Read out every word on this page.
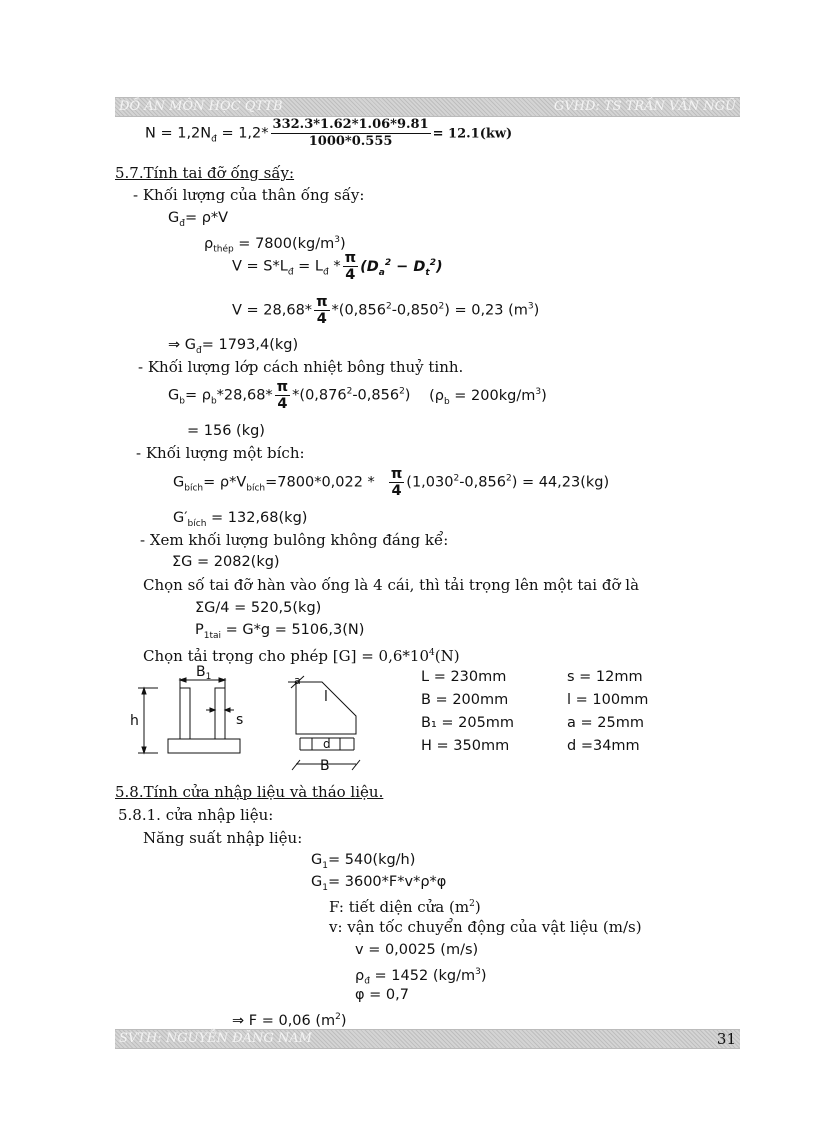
ĐỒ ÁN MÔN HỌC QTTB	GVHD: TS TRẦN VĂN NGŨ
$N = 1,2N_đ = 1,2* \frac{332.3*1.62*1.06*9.81}{1000*0.555} = 12.1(kw)$
5.7.Tính tai đỡ ống sấy:
- Khối lượng của thân ống sấy:
$G_đ= \rho*V$
$\rho_{thép} = 7800(kg/m^3)$
$V = S*L_đ = L_đ * \frac{\pi}{4} (D_a^2 - D_t^2)$
$V = 28,68* \frac{\pi}{4} *(0,856^2-0,850^2) = 0,23$ $(m^3)$
⇒ $G_đ= 1793,4(kg)$
- Khối lượng lớp cách nhiệt bông thuỷ tinh.
$G_b= \rho_b*28,68* \frac{\pi}{4} *(0,876^2-0,856^2) (\rho_b = 200kg/m^3)$
= 156 (kg)
- Khối lượng một bích:
$G_{bích}= \rho*V_{bích}=7800*0,022 * \frac{\pi}{4} (1,030^2-0,856^2) = 44,23(kg)$
$G'_{bích} = 132,68(kg)$
- Xem khối lượng bulông không đáng kể:
ΣG = 2082(kg)
Chọn số tai đỡ hàn vào ống là 4 cái, thì tải trọng lên một tai đỡ là
ΣG/4 = 520,5(kg)
$P_{1tai} = G*g = 5106,3(N)$
Chọn tải trọng cho phép $[G] = 0,6*10^4(N)$
$B_1$
h	s
l
a
d
B
L = 230mm	s = 12mm
B = 200mm	l = 100mm
B₁ = 205mm	a = 25mm
H = 350mm	d =34mm
5.8.Tính cửa nhập liệu và tháo liệu.
5.8.1. cửa nhập liệu:
Năng suất nhập liệu:
$G_1= 540(kg/h)$
$G_1= 3600*F*v*\rho*\varphi$
F: tiết diện cửa $(m^2)$
v: vận tốc chuyển động của vật liệu (m/s)
v = 0,0025 (m/s)
$\rho_đ = 1452$ $(kg/m^3)$
φ = 0,7
⇒ F = 0,06 $(m^2)$
SVTH: NGUYỄN ĐĂNG NAM	31
